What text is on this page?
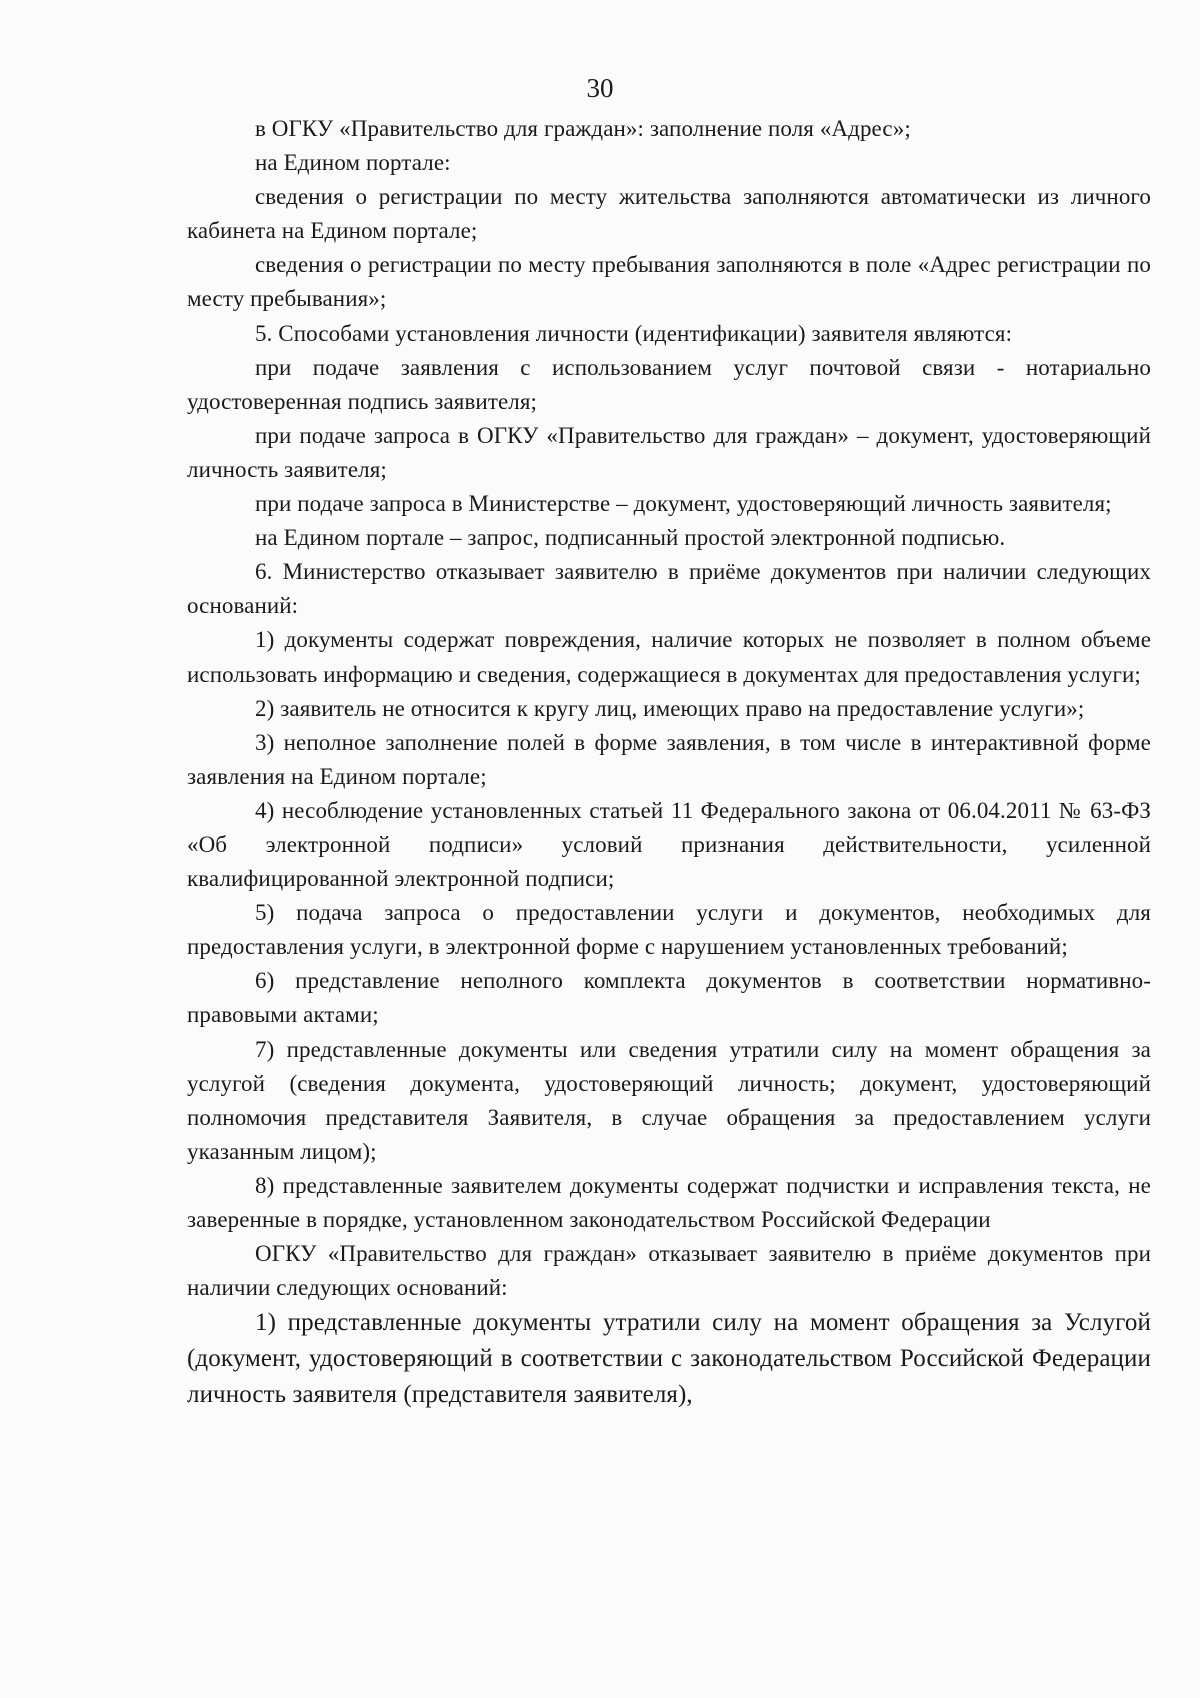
30

в ОГКУ «Правительство для граждан»: заполнение поля «Адрес»;

на Едином портале:

сведения о регистрации по месту жительства заполняются автоматически из личного кабинета на Едином портале;

сведения о регистрации по месту пребывания заполняются в поле «Адрес регистрации по месту пребывания»;

5. Способами установления личности (идентификации) заявителя являются:

при подаче заявления с использованием услуг почтовой связи - нотариально удостоверенная подпись заявителя;

при подаче запроса в ОГКУ «Правительство для граждан» – документ, удостоверяющий личность заявителя;

при подаче запроса в Министерстве – документ, удостоверяющий личность заявителя;

на Едином портале – запрос, подписанный простой электронной подписью.

6. Министерство отказывает заявителю в приёме документов при наличии следующих оснований:

1) документы содержат повреждения, наличие которых не позволяет в полном объеме использовать информацию и сведения, содержащиеся в документах для предоставления услуги;

2) заявитель не относится к кругу лиц, имеющих право на предоставление услуги»;

3) неполное заполнение полей в форме заявления, в том числе в интерактивной форме заявления на Едином портале;

4) несоблюдение установленных статьей 11 Федерального закона от 06.04.2011 № 63-ФЗ «Об электронной подписи» условий признания действительности, усиленной квалифицированной электронной подписи;

5) подача запроса о предоставлении услуги и документов, необходимых для предоставления услуги, в электронной форме с нарушением установленных требований;

6) представление неполного комплекта документов в соответствии нормативно-правовыми актами;

7) представленные документы или сведения утратили силу на момент обращения за услугой (сведения документа, удостоверяющий личность; документ, удостоверяющий полномочия представителя Заявителя, в случае обращения за предоставлением услуги указанным лицом);

8) представленные заявителем документы содержат подчистки и исправления текста, не заверенные в порядке, установленном законодательством Российской Федерации

ОГКУ «Правительство для граждан» отказывает заявителю в приёме документов при наличии следующих оснований:

1) представленные документы утратили силу на момент обращения за Услугой (документ, удостоверяющий в соответствии с законодательством Российской Федерации личность заявителя (представителя заявителя),
